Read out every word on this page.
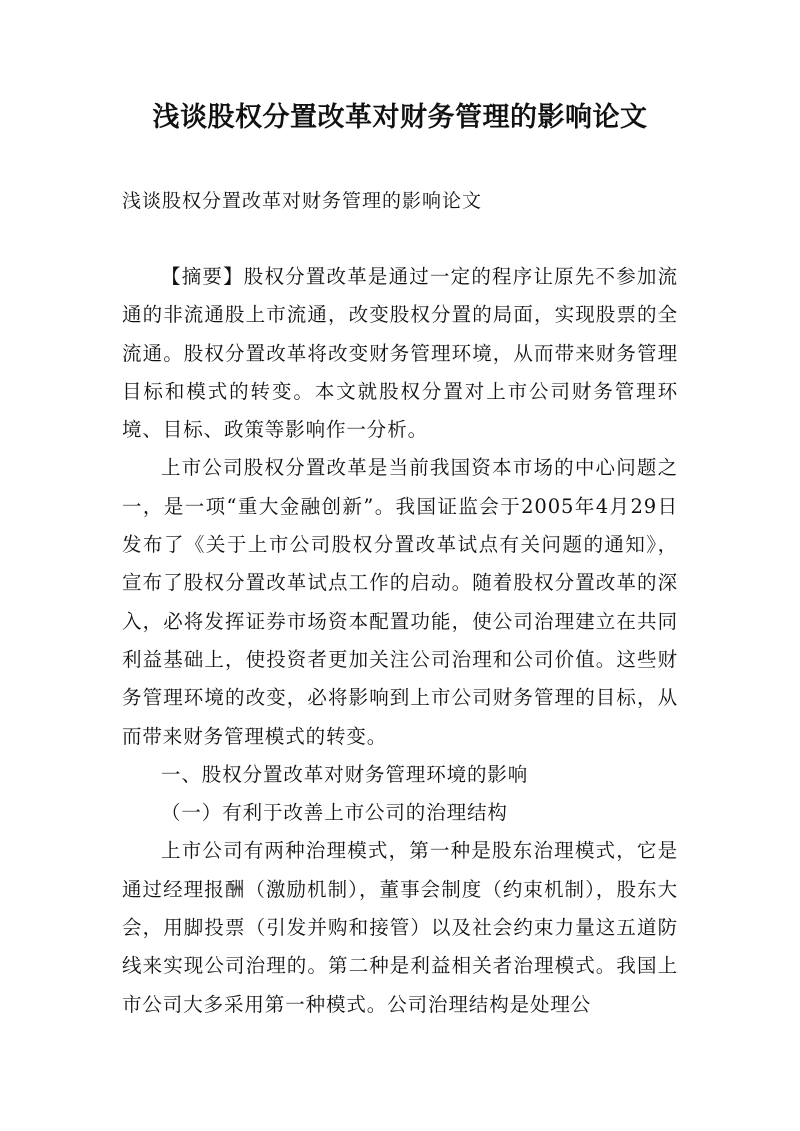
浅谈股权分置改革对财务管理的影响论文

浅谈股权分置改革对财务管理的影响论文

【摘要】股权分置改革是通过一定的程序让原先不参加流通的非流通股上市流通，改变股权分置的局面，实现股票的全流通。股权分置改革将改变财务管理环境，从而带来财务管理目标和模式的转变。本文就股权分置对上市公司财务管理环境、目标、政策等影响作一分析。

上市公司股权分置改革是当前我国资本市场的中心问题之一，是一项“重大金融创新”。我国证监会于2005年4月29日发布了《关于上市公司股权分置改革试点有关问题的通知》，宣布了股权分置改革试点工作的启动。随着股权分置改革的深入，必将发挥证券市场资本配置功能，使公司治理建立在共同利益基础上，使投资者更加关注公司治理和公司价值。这些财务管理环境的改变，必将影响到上市公司财务管理的目标，从而带来财务管理模式的转变。

一、股权分置改革对财务管理环境的影响

（一）有利于改善上市公司的治理结构

上市公司有两种治理模式，第一种是股东治理模式，它是通过经理报酬（激励机制），董事会制度（约束机制），股东大会，用脚投票（引发并购和接管）以及社会约束力量这五道防线来实现公司治理的。第二种是利益相关者治理模式。我国上市公司大多采用第一种模式。公司治理结构是处理公
